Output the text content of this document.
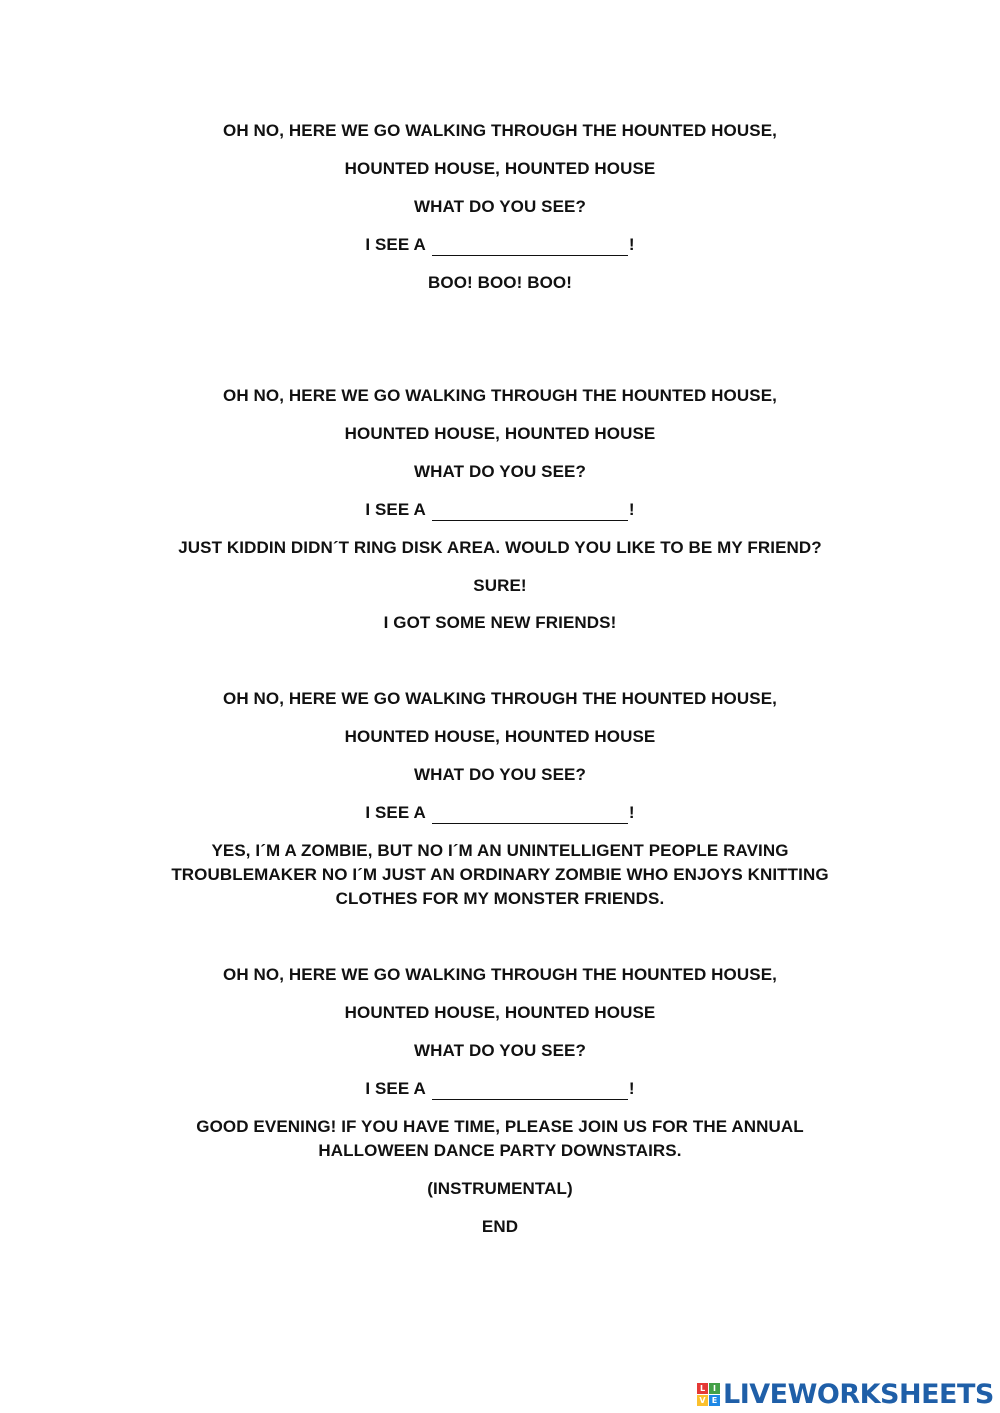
OH NO, HERE WE GO WALKING THROUGH THE HOUNTED HOUSE,
HOUNTED HOUSE, HOUNTED HOUSE
WHAT DO YOU SEE?
I SEE A	!
BOO! BOO! BOO!
OH NO, HERE WE GO WALKING THROUGH THE HOUNTED HOUSE,
HOUNTED HOUSE, HOUNTED HOUSE
WHAT DO YOU SEE?
I SEE A	!
JUST KIDDIN DIDN´T RING DISK AREA. WOULD YOU LIKE TO BE MY FRIEND?
SURE!
I GOT SOME NEW FRIENDS!
OH NO, HERE WE GO WALKING THROUGH THE HOUNTED HOUSE,
HOUNTED HOUSE, HOUNTED HOUSE
WHAT DO YOU SEE?
I SEE A	!
YES, I´M A ZOMBIE, BUT NO I´M AN UNINTELLIGENT PEOPLE RAVING
TROUBLEMAKER NO I´M JUST AN ORDINARY ZOMBIE WHO ENJOYS KNITTING
CLOTHES FOR MY MONSTER FRIENDS.
OH NO, HERE WE GO WALKING THROUGH THE HOUNTED HOUSE,
HOUNTED HOUSE, HOUNTED HOUSE
WHAT DO YOU SEE?
I SEE A	!
GOOD EVENING! IF YOU HAVE TIME, PLEASE JOIN US FOR THE ANNUAL
HALLOWEEN DANCE PARTY DOWNSTAIRS.
(INSTRUMENTAL)
END
L I
V E LIVEWORKSHEETS
